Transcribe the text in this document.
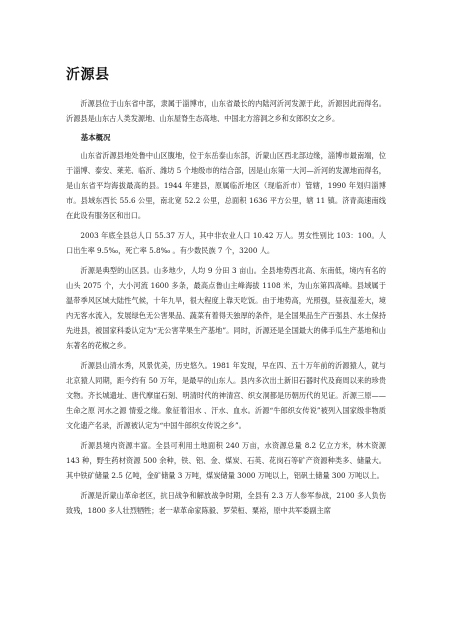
沂源县

沂源县位于山东省中部，隶属于淄博市，山东省最长的内陆河沂河发源于此，沂源因此而得名。沂源县是山东古人类发源地、山东屋脊生态高地、中国北方溶洞之乡和女郎织女之乡。

基本概况

山东省沂源县地处鲁中山区腹地，位于东岳泰山东部，沂蒙山区西北部边缘，淄博市最南端，位于淄博、泰安、莱芜、临沂、潍坊 5 个地级市的结合部，因是山东第一大河—沂河的发源地而得名，是山东省平均海拔最高的县。1944 年建县，原属临沂地区（现临沂市）管辖，1990 年划归淄博市。县域东西长 55.6 公里，南北宽 52.2 公里，总面积 1636 平方公里，辖 11 镇。济青高速南线在此设有服务区和出口。

2003 年底全县总人口 55.37 万人，其中非农业人口 10.42 万人。男女性别比 103：100。人口出生率 9.5‰，死亡率 5.8‰ 。有少数民族 7 个，3200 人。

沂源是典型的山区县。山多地少，人均 9 分田 3 亩山。全县地势西北高、东南低，境内有名的山头 2075 个，大小河流 1600 多条，最高点鲁山主峰海拔 1108 米，为山东第四高峰。县域属于温带季风区域大陆性气候，十年九旱，很大程度上靠天吃饭。由于地势高，光照强，昼夜温差大，境内无客水流入，发展绿色无公害果品、蔬菜有着得天独厚的条件，是全国果品生产百强县、水土保持先进县，被国家科委认定为“无公害苹果生产基地”。同时，沂源还是全国最大的佛手瓜生产基地和山东著名的花椒之乡。

沂源县山清水秀，风景优美，历史悠久。1981 年发现，早在四、五十万年前的沂源猿人，就与北京猿人同期，距今约有 50 万年，是最早的山东人。县内多次出土新旧石器时代及商周以来的珍贵文物。齐长城遗址、唐代摩崖石刻、明清时代的神清宫、织女洞都是历朝历代的见证。沂源三原——生命之原 河水之源 情爱之缘。象征着泪水 、汗水、血水。沂源“牛郎织女传说”被列入国家级非物质文化遗产名录，沂源被认定为“中国牛郎织女传说之乡”。

沂源县境内资源丰富。全县可利用土地面积 240 万亩，水资源总量 8.2 亿立方米，林木资源 143 种，野生药材资源 500 余种，铁、铝、金、煤炭、石英、花岗石等矿产资源种类多、储量大。其中铁矿储量 2.5 亿吨，金矿储量 3 万吨，煤炭储量 3000 万吨以上，铝矾土储量 300 万吨以上。

沂源是沂蒙山革命老区，抗日战争和解放战争时期，全县有 2.3 万人参军参战，2100 多人负伤致残，1800 多人壮烈牺牲；老一辈革命家陈毅、罗荣桓、粟裕，原中共军委副主席
